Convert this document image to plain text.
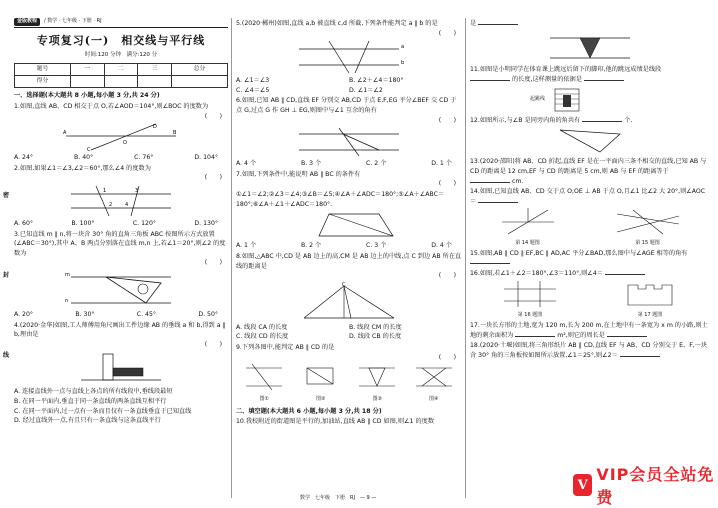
密
封
线
金版教程	/ 数学 · 七年级 · 下册 · RJ
专项复习(一)　相交线与平行线
时间:120 分钟　满分:120 分
题号	一	二	三	总分
得分				
一、选择题(本大题共 8 小题,每小题 3 分,共 24 分)
1.如图,直线 AB、CD 相交于点 O,若∠AOD＝104°,则∠BOC 的度数为
(　　)
A	B
D
C
O
A. 24°	B. 40°	C. 76°	D. 104°
2.如图,如果∠1＝∠3,∠2＝60°,那么∠4 的度数为
(　　)
1	3
2	4
A. 60°	B. 100°	C. 120°	D. 130°
3.已知直线 m ∥ n,将一块含 30° 角的直角三角板 ABC 按图所示方式放置(∠ABC＝30°),其中 A、B 两点分别落在直线 m,n 上,若∠1＝20°,则∠2 的度数为
(　　)
m
n
A. 20°	B. 30°	C. 45°	D. 50°
4.(2020·金华)如图,工人师傅用角尺画出工件边缘 AB 的垂线 a 和 b,得到 a ∥ b,理由是
(　　)
A. 连接直线外一点与直线上各点的所有线段中,垂线段最短
B. 在同一平面内,垂直于同一条直线的两条直线互相平行
C. 在同一平面内,过一点有一条而且仅有一条直线垂直于已知直线
D. 经过直线外一点,有且只有一条直线与这条直线平行
5.(2020·郴州)如图,直线 a,b 被直线 c,d 所截,下列条件能判定 a ∥ b 的是
(　　)
a
b
A. ∠1＝∠3	B. ∠2＋∠4＝180°
C. ∠4＝∠5	D. ∠1＝∠2
6.如图,已知 AB ∥ CD,直线 EF 分别交 AB,CD 于点 E,F,EG 平分∠BEF 交 CD 于点 G,过点 G 作 GH ⊥ EG,则图中与∠1 互余的角有
(　　)
A. 4 个	B. 3 个	C. 2 个	D. 1 个
7.如图,下列条件中,能说明 AB ∥ BC 的条件有
(　　)
①∠1＝∠2;②∠3＝∠4;③∠B＝∠5;④∠A＋∠ADC＝180°;⑤∠A＋∠ABC＝180°;⑥∠A＋∠1＋∠ADC＝180°.
A. 1 个	B. 2 个	C. 3 个	D. 4 个
8.如图,△ABC 中,CD 是 AB 边上的高,CM 是 AB 边上的中线,点 C 到边 AB 所在直线的距离是
(　　)
C
A. 线段 CA 的长度	B. 线段 CM 的长度
C. 线段 CD 的长度	D. 线段 CB 的长度
9.下列各图中,能判定 AB ∥ CD 的是
(　　)
图①	图②	图③	图④
二、填空题(本大题共 6 小题,每小题 3 分,共 18 分)
10.我校附近的街道图是平行的,加油站,直线 AB ∥ CD 如图,则∠1 的度数
是
11.如图是小明同学在体育课上跳远后留下的脚印,他的跳远成绩是线段
的长度,这样测量的依据是
起跳线
12.如图所示,与∠B 是同旁内角的角共有	个.
13.(2020·邵阳)将 AB、CD 折起,直线 EF 是在一平面内三条不相交的直线,已知 AB 与 CD 的距离是 12 cm,EF 与 CD 的距离是 5 cm,则 AB 与 EF 的距离等于  cm.
14.如图,已知直线 AB、CD 交于点 O,OE ⊥ AB 于点 O,且∠1 比∠2 大 20°,则∠AOC＝
第 14 题图	第 15 题图
15.如图,AB ∥ CD ∥ EF,BC ∥ AD,AC 平分∠BAD,那么图中与∠AGE 相等的角有
16.如图,若∠1＋∠2＝180°,∠3＝110°,则∠4＝
第 16 题图	第 17 题图
17.一块长方形的土地,宽为 120 m,长为 200 m,在土地中有一条宽为 x m 的小路,则土地的剩余面积为	m²,则它的周长是
18.(2020·十堰)如图,将三角形纸片 AB ∥ CD,直线 EF 与 AB、CD 分别交于 E、F,一块含 30° 角的三角板按如图所示放置,∠1＝25°,则∠2＝
数学　七年级　下册　RJ　— 9 —
V
VIP会员全站免费
